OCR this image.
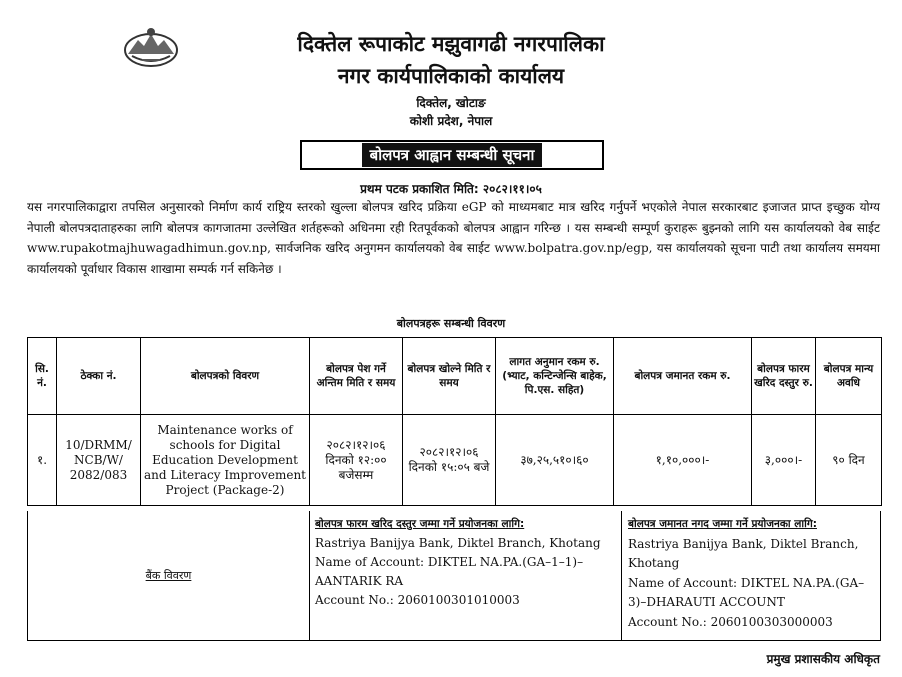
दिक्तेल रूपाकोट मझुवागढी नगरपालिका
नगर कार्यपालिकाको कार्यालय
दिक्तेल, खोटाङ
कोशी प्रदेश, नेपाल
बोलपत्र आह्वान सम्बन्धी सूचना
प्रथम पटक प्रकाशित मिति: २०८२।११।०५
यस नगरपालिकाद्वारा तपसिल अनुसारको निर्माण कार्य राष्ट्रिय स्तरको खुल्ला बोलपत्र खरिद प्रक्रिया eGP को माध्यमबाट मात्र खरिद गर्नुपर्ने भएकोले नेपाल सरकारबाट इजाजत प्राप्त इच्छुक योग्य नेपाली बोलपत्रदाताहरुका लागि बोलपत्र कागजातमा उल्लेखित शर्तहरूको अधिनमा रही रितपूर्वकको बोलपत्र आह्वान गरिन्छ । यस सम्बन्धी सम्पूर्ण कुराहरू बुझ्नको लागि यस कार्यालयको वेब साईट www.rupakotmajhuwagadhimun.gov.np, सार्वजनिक खरिद अनुगमन कार्यालयको वेब साईट www.bolpatra.gov.np/egp, यस कार्यालयको सूचना पाटी तथा कार्यालय समयमा कार्यालयको पूर्वाधार विकास शाखामा सम्पर्क गर्न सकिनेछ ।
बोलपत्रहरू सम्बन्धी विवरण
सि. नं.	ठेक्का नं.	बोलपत्रको विवरण	बोलपत्र पेश गर्ने अन्तिम मिति र समय	बोलपत्र खोल्ने मिति र समय	लागत अनुमान रकम रु. (भ्याट, कन्टिन्जेन्सि बाहेक, पि.एस. सहित)	बोलपत्र जमानत रकम रु.	बोलपत्र फारम खरिद दस्तुर रु.	बोलपत्र मान्य अवधि
१.	10/DRMM/ NCB/W/ 2082/083	Maintenance works of schools for Digital Education Development and Literacy Improvement Project (Package-2)	२०८२।१२।०६ दिनको १२:०० बजेसम्म	२०८२।१२।०६ दिनको १५:०५ बजे	३७,२५,५१०।६०	१,१०,०००।-	३,०००।-	९० दिन
बैंक विवरण
बोलपत्र फारम खरिद दस्तुर जम्मा गर्ने प्रयोजनका लागि:
Rastriya Banijya Bank, Diktel Branch, Khotang
Name of Account: DIKTEL NA.PA.(GA–1–1)–AANTARIK RA
Account No.: 2060100301010003
बोलपत्र जमानत नगद जम्मा गर्ने प्रयोजनका लागि:
Rastriya Banijya Bank, Diktel Branch, Khotang
Name of Account: DIKTEL NA.PA.(GA–3)–DHARAUTI ACCOUNT
Account No.: 2060100303000003
प्रमुख प्रशासकीय अधिकृत
